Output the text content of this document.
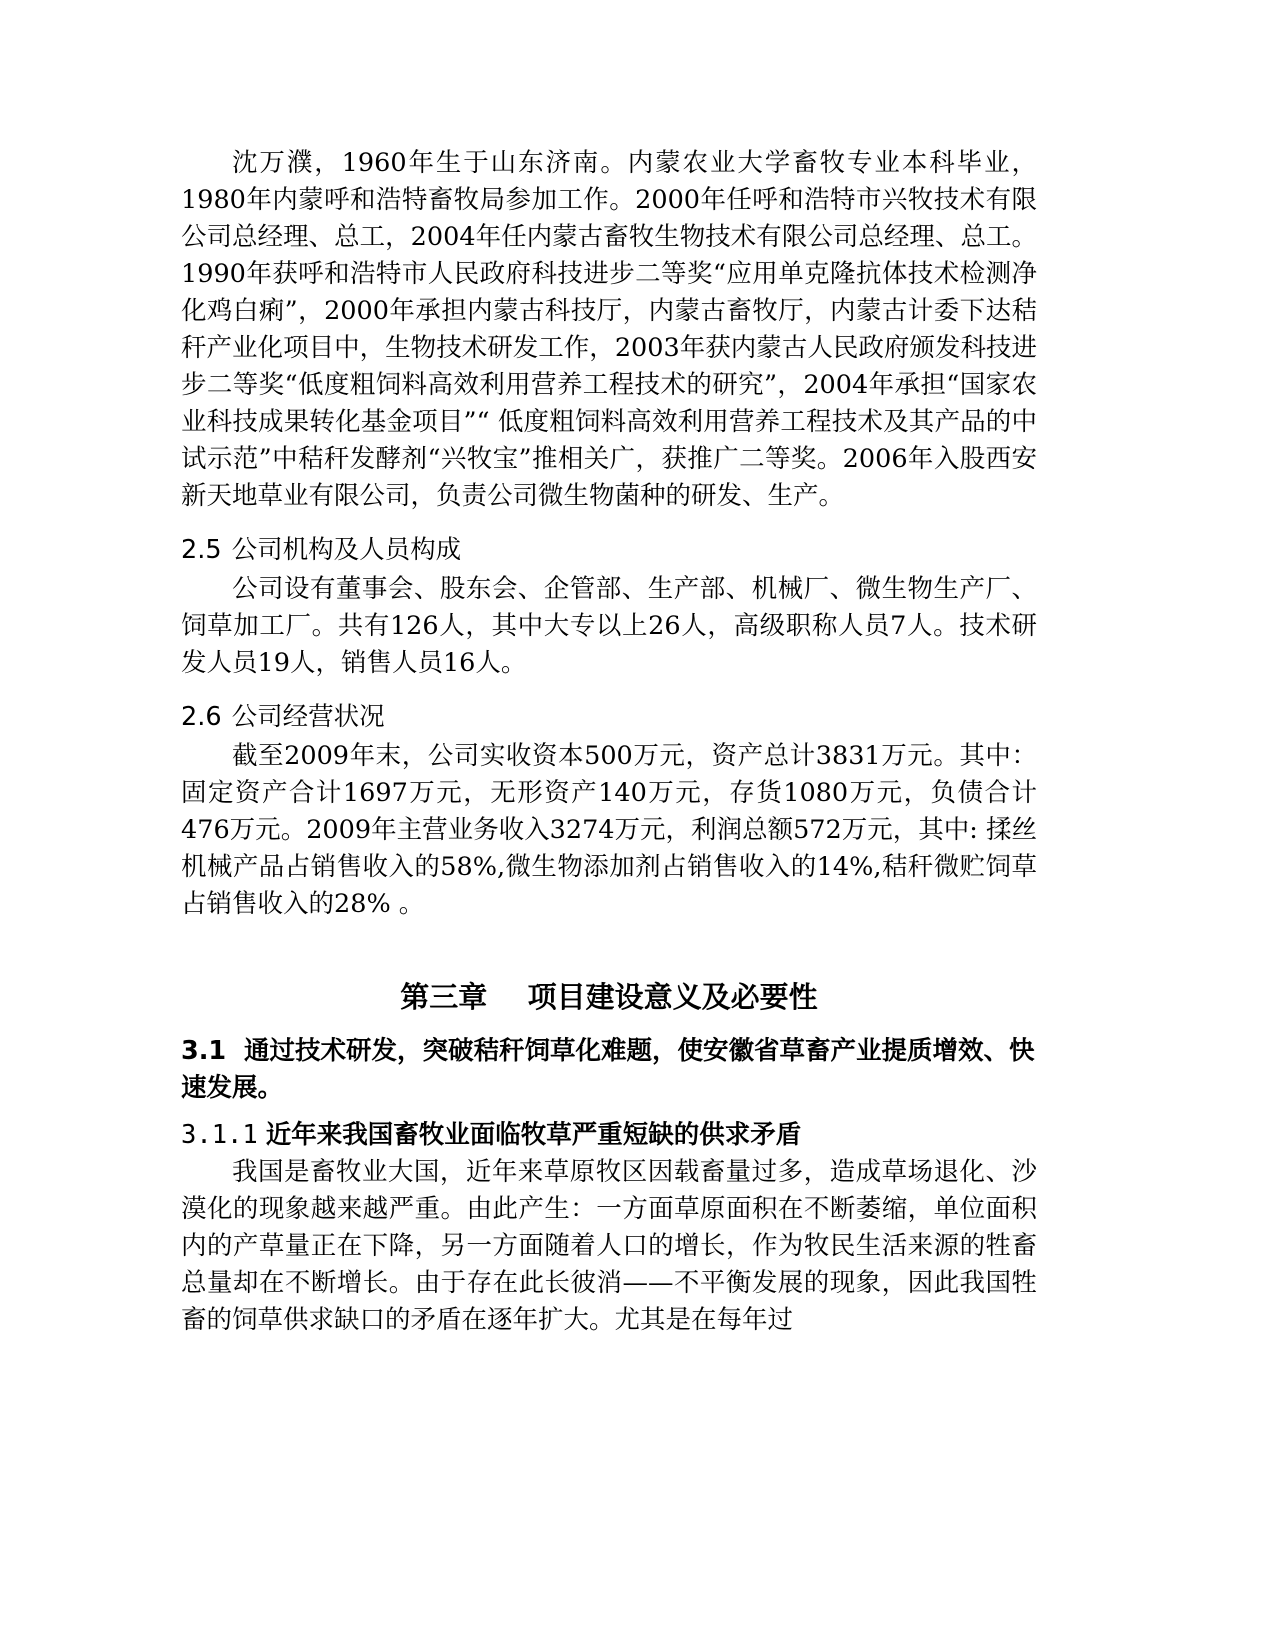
沈万濮，1960年生于山东济南。内蒙农业大学畜牧专业本科毕业，1980年内蒙呼和浩特畜牧局参加工作。2000年任呼和浩特市兴牧技术有限公司总经理、总工，2004年任内蒙古畜牧生物技术有限公司总经理、总工。1990年获呼和浩特市人民政府科技进步二等奖“应用单克隆抗体技术检测净化鸡白痢”，2000年承担内蒙古科技厅，内蒙古畜牧厅，内蒙古计委下达秸秆产业化项目中，生物技术研发工作，2003年获内蒙古人民政府颁发科技进步二等奖“低度粗饲料高效利用营养工程技术的研究”，2004年承担“国家农业科技成果转化基金项目”“ 低度粗饲料高效利用营养工程技术及其产品的中试示范”中秸秆发酵剂“兴牧宝”推相关广，获推广二等奖。2006年入股西安新天地草业有限公司，负责公司微生物菌种的研发、生产。

2.5 公司机构及人员构成

公司设有董事会、股东会、企管部、生产部、机械厂、微生物生产厂、饲草加工厂。共有126人，其中大专以上26人，高级职称人员7人。技术研发人员19人，销售人员16人。

2.6 公司经营状况

截至2009年末，公司实收资本500万元，资产总计3831万元。其中：固定资产合计1697万元，无形资产140万元，存货1080万元，负债合计476万元。2009年主营业务收入3274万元，利润总额572万元，其中: 揉丝机械产品占销售收入的58%,微生物添加剂占销售收入的14%,秸秆微贮饲草占销售收入的28% 。

第三章    项目建设意义及必要性

3.1 通过技术研发，突破秸秆饲草化难题，使安徽省草畜产业提质增效、快速发展。

3.1.1 近年来我国畜牧业面临牧草严重短缺的供求矛盾

我国是畜牧业大国，近年来草原牧区因载畜量过多，造成草场退化、沙漠化的现象越来越严重。由此产生：一方面草原面积在不断萎缩，单位面积内的产草量正在下降，另一方面随着人口的增长，作为牧民生活来源的牲畜总量却在不断增长。由于存在此长彼消——不平衡发展的现象，因此我国牲畜的饲草供求缺口的矛盾在逐年扩大。尤其是在每年过
